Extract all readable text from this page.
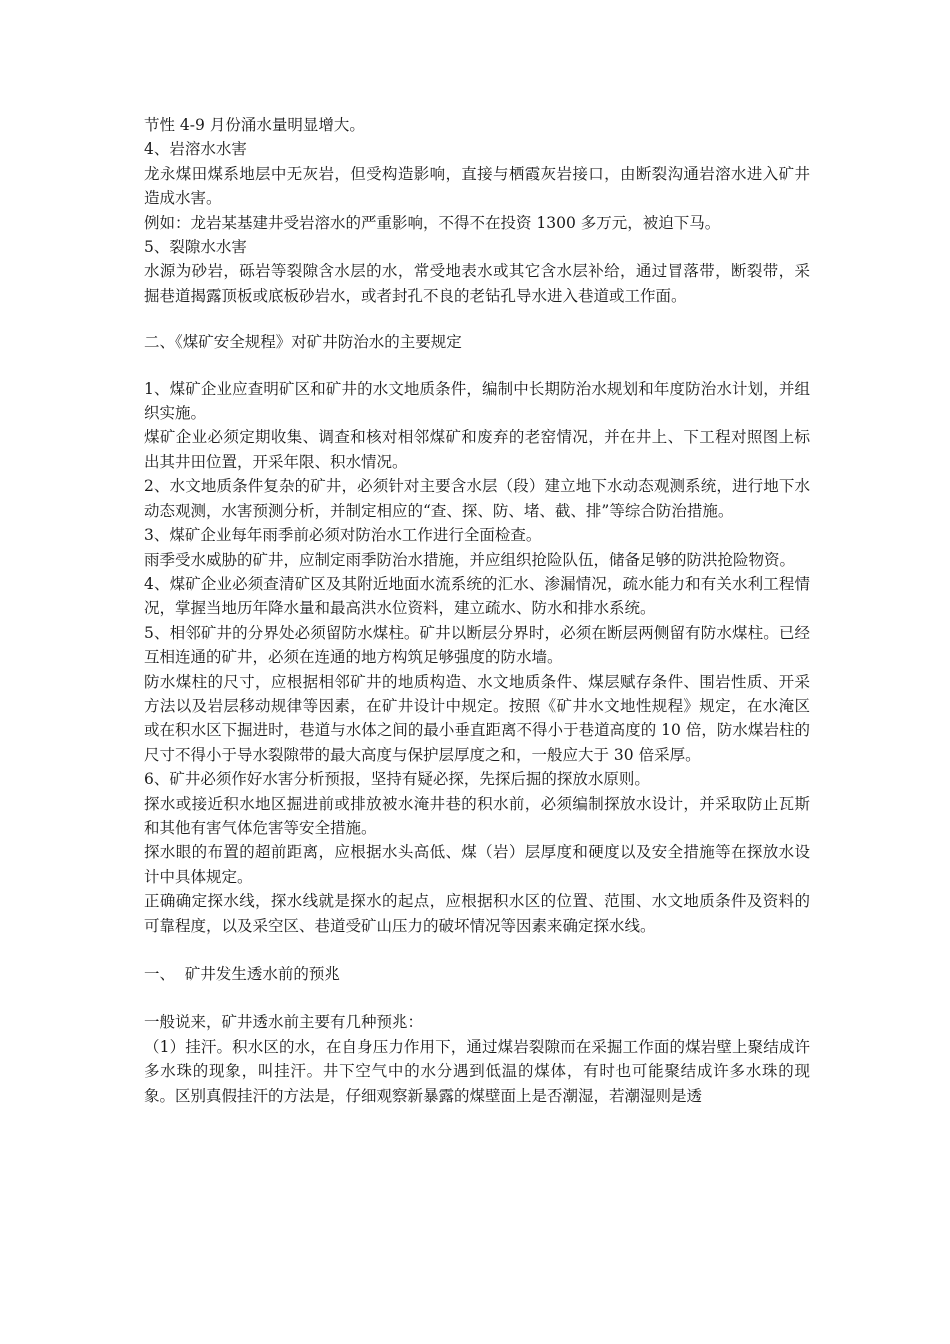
节性 4-9 月份涌水量明显增大。

4、岩溶水水害

龙永煤田煤系地层中无灰岩，但受构造影响，直接与栖霞灰岩接口，由断裂沟通岩溶水进入矿井造成水害。

例如：龙岩某基建井受岩溶水的严重影响，不得不在投资 1300 多万元，被迫下马。

5、裂隙水水害

水源为砂岩，砾岩等裂隙含水层的水，常受地表水或其它含水层补给，通过冒落带，断裂带，采掘巷道揭露顶板或底板砂岩水，或者封孔不良的老钻孔导水进入巷道或工作面。

二、《煤矿安全规程》对矿井防治水的主要规定

1、煤矿企业应查明矿区和矿井的水文地质条件，编制中长期防治水规划和年度防治水计划，并组织实施。

煤矿企业必须定期收集、调查和核对相邻煤矿和废弃的老窑情况，并在井上、下工程对照图上标出其井田位置，开采年限、积水情况。

2、水文地质条件复杂的矿井，必须针对主要含水层（段）建立地下水动态观测系统，进行地下水动态观测，水害预测分析，并制定相应的“查、探、防、堵、截、排”等综合防治措施。

3、煤矿企业每年雨季前必须对防治水工作进行全面检查。

雨季受水威胁的矿井，应制定雨季防治水措施，并应组织抢险队伍，储备足够的防洪抢险物资。

4、煤矿企业必须查清矿区及其附近地面水流系统的汇水、渗漏情况，疏水能力和有关水利工程情况，掌握当地历年降水量和最高洪水位资料，建立疏水、防水和排水系统。

5、相邻矿井的分界处必须留防水煤柱。矿井以断层分界时，必须在断层两侧留有防水煤柱。已经互相连通的矿井，必须在连通的地方构筑足够强度的防水墙。

防水煤柱的尺寸，应根据相邻矿井的地质构造、水文地质条件、煤层赋存条件、围岩性质、开采方法以及岩层移动规律等因素，在矿井设计中规定。按照《矿井水文地性规程》规定，在水淹区或在积水区下掘进时，巷道与水体之间的最小垂直距离不得小于巷道高度的 10 倍，防水煤岩柱的尺寸不得小于导水裂隙带的最大高度与保护层厚度之和，一般应大于 30 倍采厚。

6、矿井必须作好水害分析预报，坚持有疑必探，先探后掘的探放水原则。

探水或接近积水地区掘进前或排放被水淹井巷的积水前，必须编制探放水设计，并采取防止瓦斯和其他有害气体危害等安全措施。

探水眼的布置的超前距离，应根据水头高低、煤（岩）层厚度和硬度以及安全措施等在探放水设计中具体规定。

正确确定探水线，探水线就是探水的起点，应根据积水区的位置、范围、水文地质条件及资料的可靠程度，以及采空区、巷道受矿山压力的破坏情况等因素来确定探水线。

一、  矿井发生透水前的预兆

一般说来，矿井透水前主要有几种预兆：

（1）挂汗。积水区的水，在自身压力作用下，通过煤岩裂隙而在采掘工作面的煤岩壁上聚结成许多水珠的现象，叫挂汗。井下空气中的水分遇到低温的煤体，有时也可能聚结成许多水珠的现象。区别真假挂汗的方法是，仔细观察新暴露的煤壁面上是否潮湿，若潮湿则是透
